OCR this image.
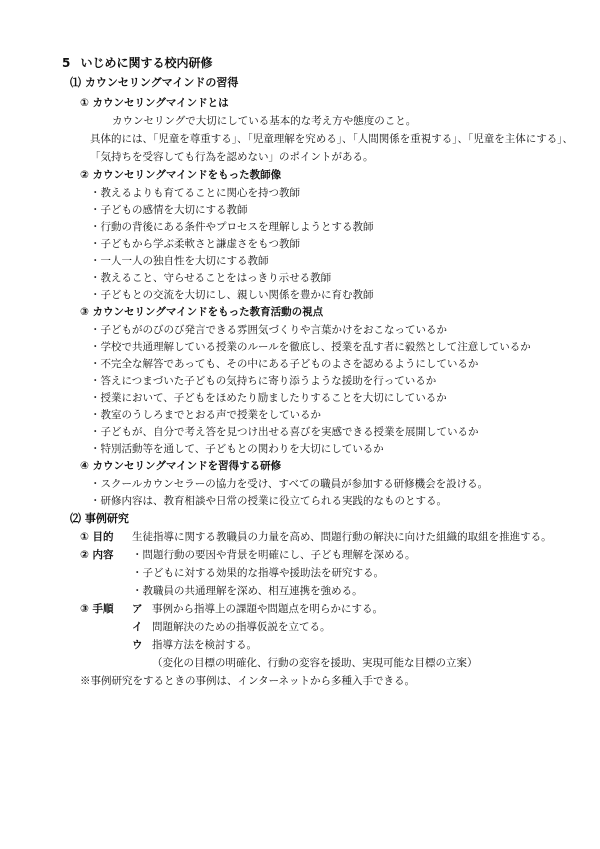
5 いじめに関する校内研修
⑴ カウンセリングマインドの習得
① カウンセリングマインドとは
カウンセリングで大切にしている基本的な考え方や態度のこと。
具体的には、「児童を尊重する」、「児童理解を究める」、「人間関係を重視する」、「児童を主体にする」、
「気持ちを受容しても行為を認めない」のポイントがある。
② カウンセリングマインドをもった教師像
・教えるよりも育てることに関心を持つ教師
・子どもの感情を大切にする教師
・行動の背後にある条件やプロセスを理解しようとする教師
・子どもから学ぶ柔軟さと謙虚さをもつ教師
・一人一人の独自性を大切にする教師
・教えること、守らせることをはっきり示せる教師
・子どもとの交流を大切にし、親しい関係を豊かに育む教師
③ カウンセリングマインドをもった教育活動の視点
・子どもがのびのび発言できる雰囲気づくりや言葉かけをおこなっているか
・学校で共通理解している授業のルールを徹底し、授業を乱す者に毅然として注意しているか
・不完全な解答であっても、その中にある子どものよさを認めるようにしているか
・答えにつまづいた子どもの気持ちに寄り添うような援助を行っているか
・授業において、子どもをほめたり励ましたりすることを大切にしているか
・教室のうしろまでとおる声で授業をしているか
・子どもが、自分で考え答を見つけ出せる喜びを実感できる授業を展開しているか
・特別活動等を通して、子どもとの関わりを大切にしているか
④ カウンセリングマインドを習得する研修
・スクールカウンセラーの協力を受け、すべての職員が参加する研修機会を設ける。
・研修内容は、教育相談や日常の授業に役立てられる実践的なものとする。
⑵ 事例研究
① 目的 生徒指導に関する教職員の力量を高め、問題行動の解決に向けた組織的取組を推進する。
② 内容 ・問題行動の要因や背景を明確にし、子ども理解を深める。
・子どもに対する効果的な指導や援助法を研究する。
・教職員の共通理解を深め、相互連携を強める。
③ 手順 ア 事例から指導上の課題や問題点を明らかにする。
イ 問題解決のための指導仮説を立てる。
ウ 指導方法を検討する。
（変化の目標の明確化、行動の変容を援助、実現可能な目標の立案）
※事例研究をするときの事例は、インターネットから多種入手できる。
